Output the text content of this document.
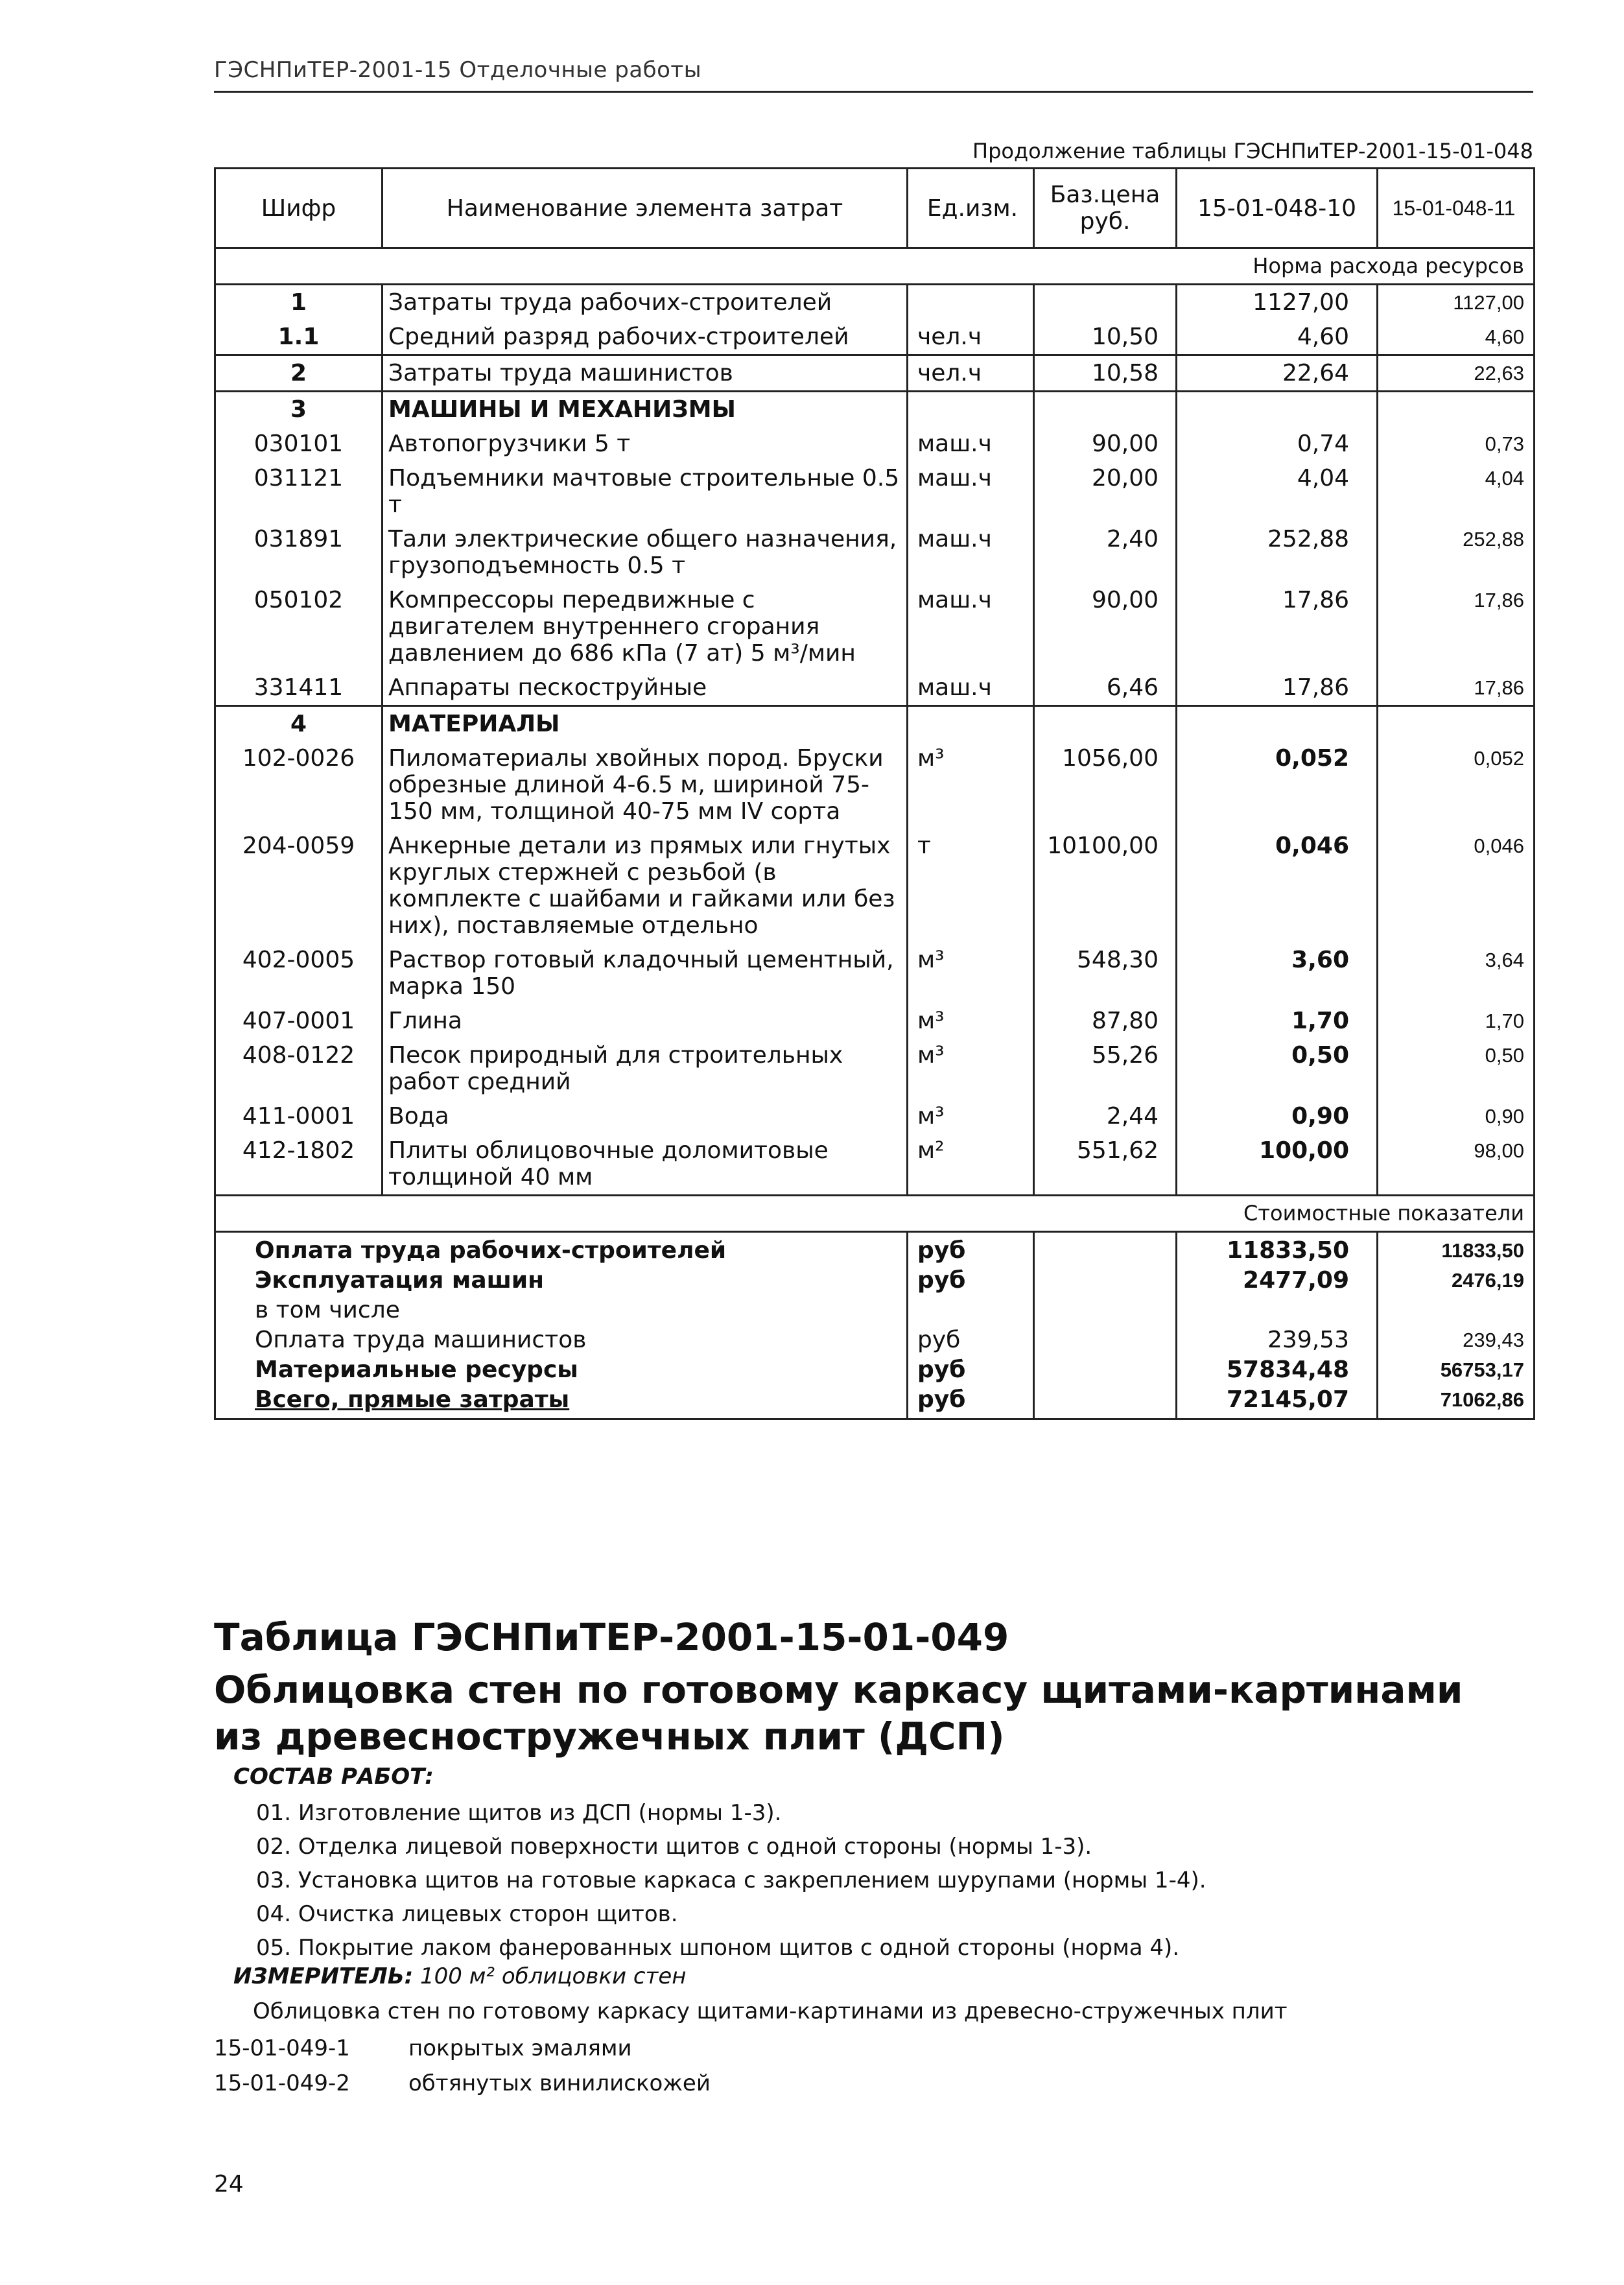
ГЭСНПиТЕР-2001-15 Отделочные работы
Продолжение таблицы ГЭСНПиТЕР-2001-15-01-048
Шифр	Наименование элемента затрат	Ед.изм.	Баз.цена руб.	15-01-048-10	15-01-048-11
Норма расхода ресурсов					
1	Затраты труда рабочих-строителей			1127,00	1127,00
1.1	Средний разряд рабочих-строителей	чел.ч	10,50	4,60	4,60
2	Затраты труда машинистов	чел.ч	10,58	22,64	22,63
3	МАШИНЫ И МЕХАНИЗМЫ				
030101	Автопогрузчики 5 т	маш.ч	90,00	0,74	0,73
031121	Подъемники мачтовые строительные 0.5 т	маш.ч	20,00	4,04	4,04
031891	Тали электрические общего назначения, грузоподъемность 0.5 т	маш.ч	2,40	252,88	252,88
050102	Компрессоры передвижные с двигателем внутреннего сгорания давлением до 686 кПа (7 ат) 5 м³/мин	маш.ч	90,00	17,86	17,86
331411	Аппараты пескоструйные	маш.ч	6,46	17,86	17,86
4	МАТЕРИАЛЫ				
102-0026	Пиломатериалы хвойных пород. Бруски обрезные длиной 4-6.5 м, шириной 75-150 мм, толщиной 40-75 мм IV сорта	м³	1056,00	0,052	0,052
204-0059	Анкерные детали из прямых или гнутых круглых стержней с резьбой (в комплекте с шайбами и гайками или без них), поставляемые отдельно	т	10100,00	0,046	0,046
402-0005	Раствор готовый кладочный цементный, марка 150	м³	548,30	3,60	3,64
407-0001	Глина	м³	87,80	1,70	1,70
408-0122	Песок природный для строительных работ средний	м³	55,26	0,50	0,50
411-0001	Вода	м³	2,44	0,90	0,90
412-1802	Плиты облицовочные доломитовые толщиной 40 мм	м²	551,62	100,00	98,00
Стоимостные показатели					
Оплата труда рабочих-строителей		руб		11833,50	11833,50
Эксплуатация машин		руб		2477,09	2476,19
в том числе					
Оплата труда машинистов		руб		239,53	239,43
Материальные ресурсы		руб		57834,48	56753,17
Всего, прямые затраты		руб		72145,07	71062,86
Таблица ГЭСНПиТЕР-2001-15-01-049
Облицовка стен по готовому каркасу щитами-картинами из древесностружечных плит (ДСП)
СОСТАВ РАБОТ:
01. Изготовление щитов из ДСП (нормы 1-3).
02. Отделка лицевой поверхности щитов с одной стороны (нормы 1-3).
03. Установка щитов на готовые каркаса с закреплением шурупами (нормы 1-4).
04. Очистка лицевых сторон щитов.
05. Покрытие лаком фанерованных шпоном щитов с одной стороны (норма 4).
ИЗМЕРИТЕЛЬ: 100 м² облицовки стен
Облицовка стен по готовому каркасу щитами-картинами из древесно-стружечных плит
15-01-049-1	покрытых эмалями
15-01-049-2	обтянутых винилискожей
24
